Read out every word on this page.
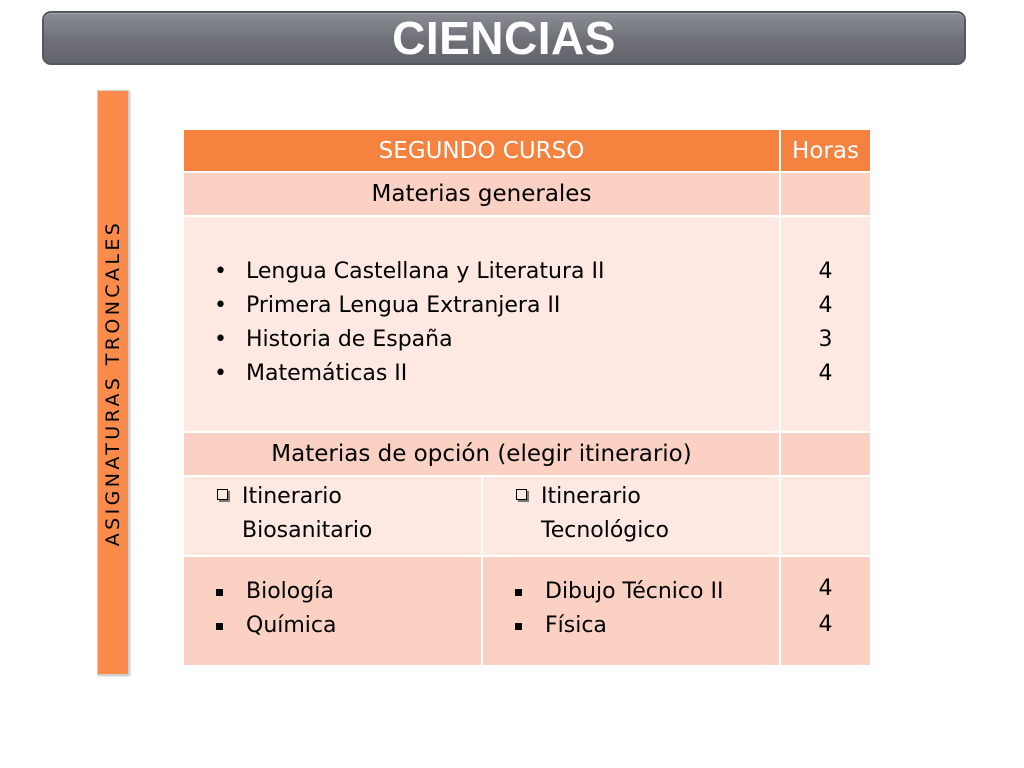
CIENCIAS
ASIGNATURAS TRONCALES
SEGUNDO CURSO	Horas
Materias generales
• Lengua Castellana y Literatura II
• Primera Lengua Extranjera II
• Historia de España
• Matemáticas II
4
4
3
4
Materias de opción (elegir itinerario)
Itinerario
Biosanitario
Itinerario
Tecnológico
Biología
Química
Dibujo Técnico II
Física
4
4
